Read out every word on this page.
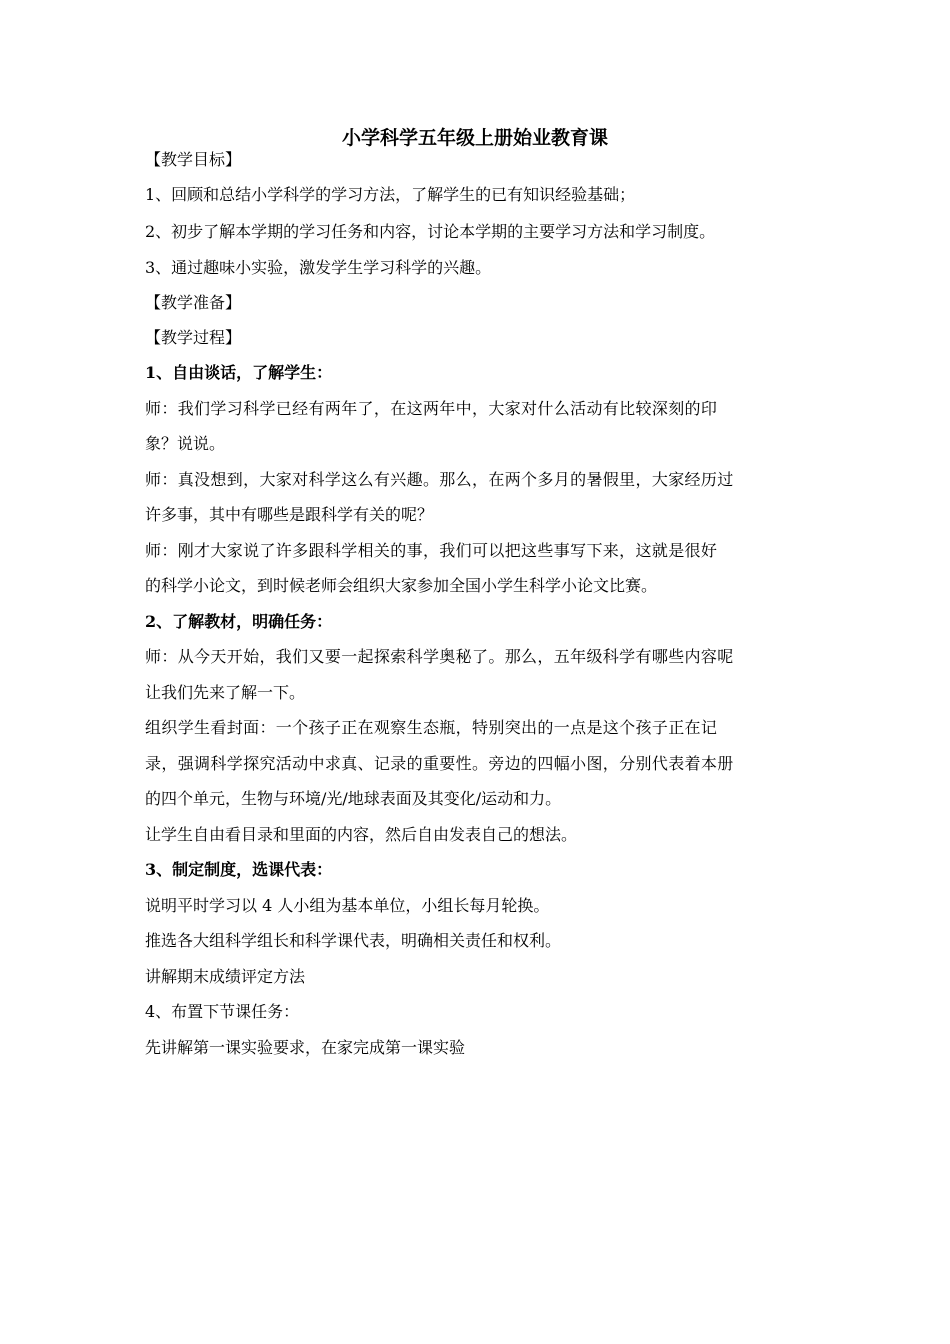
小学科学五年级上册始业教育课
【教学目标】
1、回顾和总结小学科学的学习方法，了解学生的已有知识经验基础；
2、初步了解本学期的学习任务和内容，讨论本学期的主要学习方法和学习制度。
3、通过趣味小实验，激发学生学习科学的兴趣。
【教学准备】
【教学过程】
1、自由谈话，了解学生：
师：我们学习科学已经有两年了，在这两年中，大家对什么活动有比较深刻的印
象？说说。
师：真没想到，大家对科学这么有兴趣。那么，在两个多月的暑假里，大家经历过
许多事，其中有哪些是跟科学有关的呢？
师：刚才大家说了许多跟科学相关的事，我们可以把这些事写下来，这就是很好
的科学小论文，到时候老师会组织大家参加全国小学生科学小论文比赛。
2、了解教材，明确任务：
师：从今天开始，我们又要一起探索科学奥秘了。那么，五年级科学有哪些内容呢
让我们先来了解一下。
组织学生看封面：一个孩子正在观察生态瓶，特别突出的一点是这个孩子正在记
录，强调科学探究活动中求真、记录的重要性。旁边的四幅小图，分别代表着本册
的四个单元，生物与环境/光/地球表面及其变化/运动和力。
让学生自由看目录和里面的内容，然后自由发表自己的想法。
3、制定制度，选课代表：
说明平时学习以 4 人小组为基本单位，小组长每月轮换。
推选各大组科学组长和科学课代表，明确相关责任和权利。
讲解期末成绩评定方法
4、布置下节课任务：
先讲解第一课实验要求，在家完成第一课实验
